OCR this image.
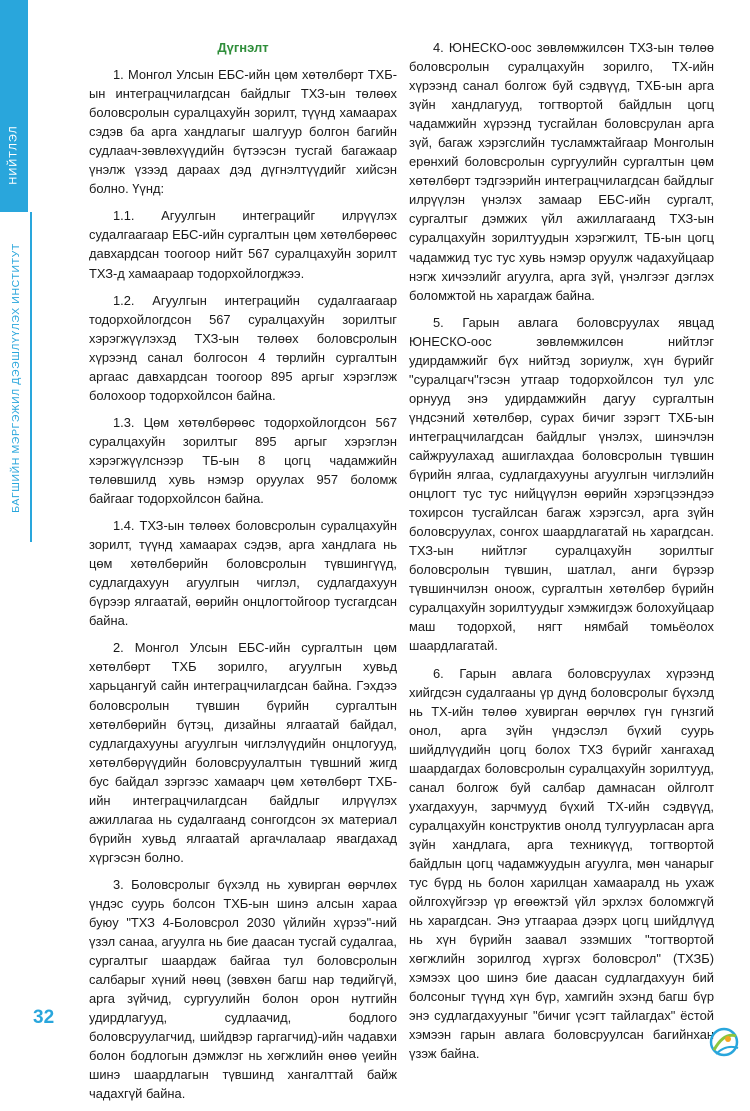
НИЙТЛЭЛ
БАГШИЙН МЭРГЭЖИЛ ДЭЭШЛҮҮЛЭХ ИНСТИТУТ

Дүгнэлт

1. Монгол Улсын ЕБС-ийн цөм хөтөлбөрт ТХБ-ын интеграцчилагдсан байдлыг ТХЗ-ын төлөөх боловсролын суралцахуйн зорилт, түүнд хамаарах сэдэв ба арга хандлагыг шалгуур болгон багийн судлаач-зөвлөхүүдийн бүтээсэн тусгай багажаар үнэлж үзээд дараах дэд дүгнэлтүүдийг хийсэн болно. Үүнд:

1.1. Агуулгын интеграцийг илрүүлэх судалгаагаар ЕБС-ийн сургалтын цөм хөтөлбөрөөс давхардсан тоогоор нийт 567 суралцахуйн зорилт ТХЗ-д хамаараар тодорхойлогджээ.

1.2. Агуулгын интеграцийн судалгаагаар тодорхойлогдсон 567 суралцахуйн зорилтыг хэрэгжүүлэхэд ТХЗ-ын төлөөх боловсролын хүрээнд санал болгосон 4 төрлийн сургалтын аргаас давхардсан тоогоор 895 аргыг хэрэглэж болохоор тодорхойлсон байна.

1.3. Цөм хөтөлбөрөөс тодорхойлогдсон 567 суралцахуйн зорилтыг 895 аргыг хэрэглэн хэрэгжүүлснээр ТБ-ын 8 цогц чадамжийн төлөвшилд хувь нэмэр оруулах 957 боломж байгааг тодорхойлсон байна.

1.4. ТХЗ-ын төлөөх боловсролын суралцахуйн зорилт, түүнд хамаарах сэдэв, арга хандлага нь цөм хөтөлбөрийн боловсролын түвшингүүд, судлагдахуун агуулгын чиглэл, судлагдахуун бүрээр ялгаатай, өөрийн онцлогтойгоор тусгагдсан байна.

2. Монгол Улсын ЕБС-ийн сургалтын цөм хөтөлбөрт ТХБ зорилго, агуулгын хувьд харьцангуй сайн интеграцчилагдсан байна. Гэхдээ боловсролын түвшин бүрийн сургалтын хөтөлбөрийн бүтэц, дизайны ялгаатай байдал, судлагдахууны агуулгын чиглэлүүдийн онцлогууд, хөтөлбөрүүдийн боловсруулалтын түвшний жигд бус байдал зэргээс хамаарч цөм хөтөлбөрт ТХБ-ийн интеграцчилагдсан байдлыг илрүүлэх ажиллагаа нь судалгаанд сонгогдсон эх материал бүрийн хувьд ялгаатай аргачлалаар явагдахад хүргэсэн болно.

3. Боловсролыг бүхэлд нь хувирган өөрчлөх үндэс суурь болсон ТХБ-ын шинэ алсын хараа буюу "ТХЗ 4-Боловсрол 2030 үйлийн хүрээ"-ний үзэл санаа, агуулга нь бие даасан тусгай судалгаа, сургалтыг шаардаж байгаа тул боловсролын салбарыг хүний нөөц (зөвхөн багш нар төдийгүй, арга зүйчид, сургуулийн болон орон нутгийн удирдлагууд, судлаачид, бодлого боловсруулагчид, шийдвэр гаргагчид)-ийн чадавхи болон бодлогын дэмжлэг нь хөгжлийн өнөө үеийн шинэ шаардлагын түвшинд хангалттай байж чадахгүй байна.

4. ЮНЕСКО-оос зөвлөмжилсөн ТХЗ-ын төлөө боловсролын суралцахуйн зорилго, ТХ-ийн хүрээнд санал болгож буй сэдвүүд, ТХБ-ын арга зүйн хандлагууд, тогтвортой байдлын цогц чадамжийн хүрээнд тусгайлан боловсрулан арга зүй, багаж хэрэгслийн тусламжтайгаар Монголын ерөнхий боловсролын сургуулийн сургалтын цөм хөтөлбөрт тэдгээрийн интеграцчилагдсан байдлыг илрүүлэн үнэлэх замаар ЕБС-ийн сургалт, сургалтыг дэмжих үйл ажиллагаанд ТХЗ-ын суралцахуйн зорилтуудын хэрэгжилт, ТБ-ын цогц чадамжид тус тус хувь нэмэр оруулж чадахуйцаар нэгж хичээлийг агуулга, арга зүй, үнэлгээг дэглэх боломжтой нь харагдаж байна.

5. Гарын авлага боловсруулах явцад ЮНЕСКО-оос зөвлөмжилсөн нийтлэг удирдамжийг бүх нийтэд зориулж, хүн бүрийг "суралцагч"гэсэн утгаар тодорхойлсон тул улс орнууд энэ удирдамжийн дагуу сургалтын үндсэний хөтөлбөр, сурах бичиг зэрэгт ТХБ-ын интеграцчилагдсан байдлыг үнэлэх, шинэчлэн сайжруулахад ашиглахдаа боловсролын түвшин бүрийн ялгаа, судлагдахууны агуулгын чиглэлийн онцлогт тус тус нийцүүлэн өөрийн хэрэгцээндээ тохирсон тусгайлсан багаж хэрэгсэл, арга зүйн боловсруулах, сонгох шаардлагатай нь харагдсан. ТХЗ-ын нийтлэг суралцахуйн зорилтыг боловсролын түвшин, шатлал, анги бүрээр түвшинчилэн оноож, сургалтын хөтөлбөр бүрийн суралцахуйн зорилтуудыг хэмжигдэж болохуйцаар маш тодорхой, нягт нямбай томьёолох шаардлагатай.

6. Гарын авлага боловсруулах хүрээнд хийгдсэн судалгааны үр дүнд боловсролыг бүхэлд нь ТХ-ийн төлөө хувирган өөрчлөх гүн гүнзгий онол, арга зүйн үндэслэл бүхий суурь шийдлүүдийн цогц болох ТХЗ бүрийг хангахад шаардагдах боловсролын суралцахуйн зорилтууд, санал болгож буй салбар дамнасан ойлголт ухагдахуун, зарчмууд бүхий ТХ-ийн сэдвүүд, суралцахуйн конструктив онолд тулгуурласан арга зүйн хандлага, арга техникүүд, тогтвортой байдлын цогц чадамжуудын агуулга, мөн чанарыг тус бүрд нь болон харилцан хамааралд нь ухаж ойлгохүйгээр үр өгөөжтэй үйл эрхлэх боломжгүй нь харагдсан. Энэ утгаараа дээрх цогц шийдлүүд нь хүн бүрийн заавал эзэмших "тогтвортой хөгжлийн зорилгод хүргэх боловсрол" (ТХЗБ) хэмээх цоо шинэ бие даасан судлагдахуун бий болсоныг түүнд хүн бүр, хамгийн эхэнд багш бүр энэ судлагдахууныг "бичиг үсэгт тайлагдах" ёстой хэмээн гарын авлага боловсруулсан багийнхан үзэж байна.

32
